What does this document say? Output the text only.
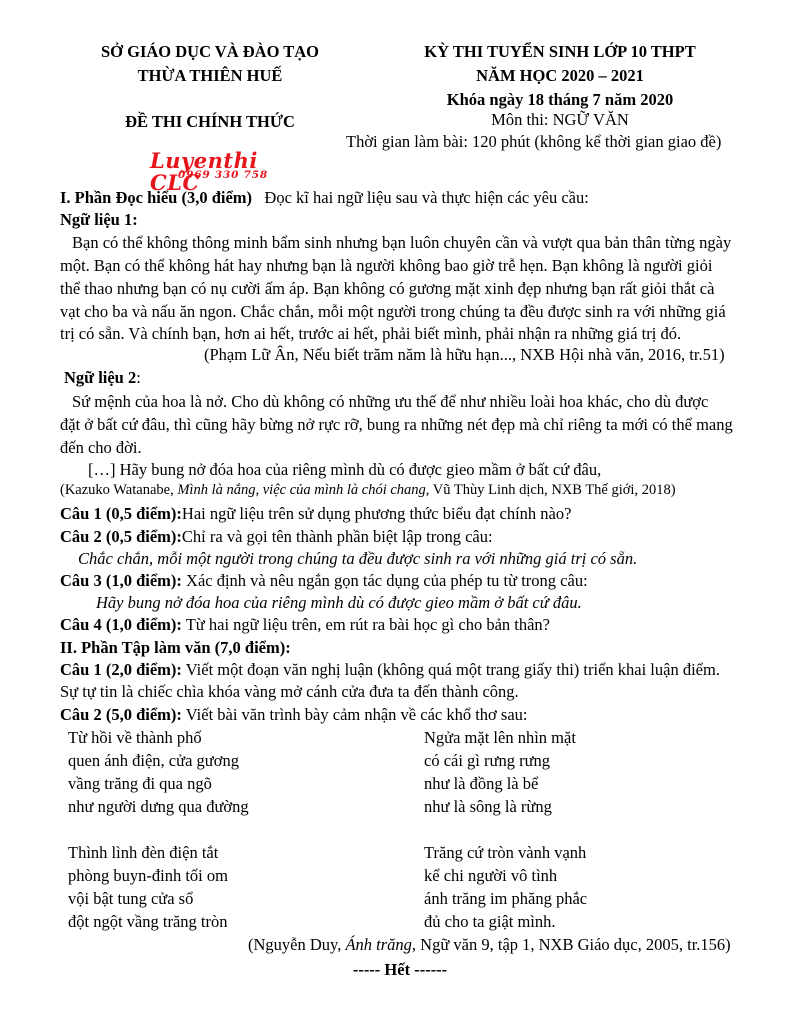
SỞ GIÁO DỤC VÀ ĐÀO TẠO
THỪA THIÊN HUẾ
ĐỀ THI CHÍNH THỨC
KỲ THI TUYỂN SINH LỚP 10 THPT
NĂM HỌC 2020 – 2021
Khóa ngày 18 tháng 7 năm 2020
Môn thi: NGỮ VĂN
Thời gian làm bài: 120 phút (không kể thời gian giao đề)
Luyenthi CLC
0969 330 758
I. Phần Đọc hiểu (3,0 điểm) Đọc kĩ hai ngữ liệu sau và thực hiện các yêu cầu:
Ngữ liệu 1:
Bạn có thể không thông minh bẩm sinh nhưng bạn luôn chuyên cần và vượt qua bản thân từng ngày
một. Bạn có thể không hát hay nhưng bạn là người không bao giờ trễ hẹn. Bạn không là người giỏi
thể thao nhưng bạn có nụ cười ấm áp. Bạn không có gương mặt xinh đẹp nhưng bạn rất giỏi thắt cà
vạt cho ba và nấu ăn ngon. Chắc chắn, mỗi một người trong chúng ta đều được sinh ra với những giá
trị có sẵn. Và chính bạn, hơn ai hết, trước ai hết, phải biết mình, phải nhận ra những giá trị đó.
(Phạm Lữ Ân, Nếu biết trăm năm là hữu hạn..., NXB Hội nhà văn, 2016, tr.51)
Ngữ liệu 2:
Sứ mệnh của hoa là nở. Cho dù không có những ưu thế để như nhiều loài hoa khác, cho dù được
đặt ở bất cứ đâu, thì cũng hãy bừng nở rực rỡ, bung ra những nét đẹp mà chỉ riêng ta mới có thể mang
đến cho đời.
[…] Hãy bung nở đóa hoa của riêng mình dù có được gieo mầm ở bất cứ đâu,
(Kazuko Watanabe, Mình là nắng, việc của mình là chói chang, Vũ Thùy Linh dịch, NXB Thế giới, 2018)
Câu 1 (0,5 điểm):Hai ngữ liệu trên sử dụng phương thức biểu đạt chính nào?
Câu 2 (0,5 điểm):Chỉ ra và gọi tên thành phần biệt lập trong câu:
Chắc chắn, mỗi một người trong chúng ta đều được sinh ra với những giá trị có sẵn.
Câu 3 (1,0 điểm): Xác định và nêu ngắn gọn tác dụng của phép tu từ trong câu:
Hãy bung nở đóa hoa của riêng mình dù có được gieo mầm ở bất cứ đâu.
Câu 4 (1,0 điểm): Từ hai ngữ liệu trên, em rút ra bài học gì cho bản thân?
II. Phần Tập làm văn (7,0 điểm):
Câu 1 (2,0 điểm): Viết một đoạn văn nghị luận (không quá một trang giấy thi) triển khai luận điểm.
Sự tự tin là chiếc chìa khóa vàng mở cánh cửa đưa ta đến thành công.
Câu 2 (5,0 điểm): Viết bài văn trình bày cảm nhận về các khổ thơ sau:
Từ hồi về thành phố
quen ánh điện, cửa gương
vầng trăng đi qua ngõ
như người dưng qua đường
Thình lình đèn điện tắt
phòng buyn-đinh tối om
vội bật tung cửa sổ
đột ngột vầng trăng tròn
Ngửa mặt lên nhìn mặt
có cái gì rưng rưng
như là đồng là bể
như là sông là rừng
Trăng cứ tròn vành vạnh
kể chi người vô tình
ánh trăng im phăng phắc
đủ cho ta giật mình.
(Nguyễn Duy, Ánh trăng, Ngữ văn 9, tập 1, NXB Giáo dục, 2005, tr.156)
----- Hết ------
